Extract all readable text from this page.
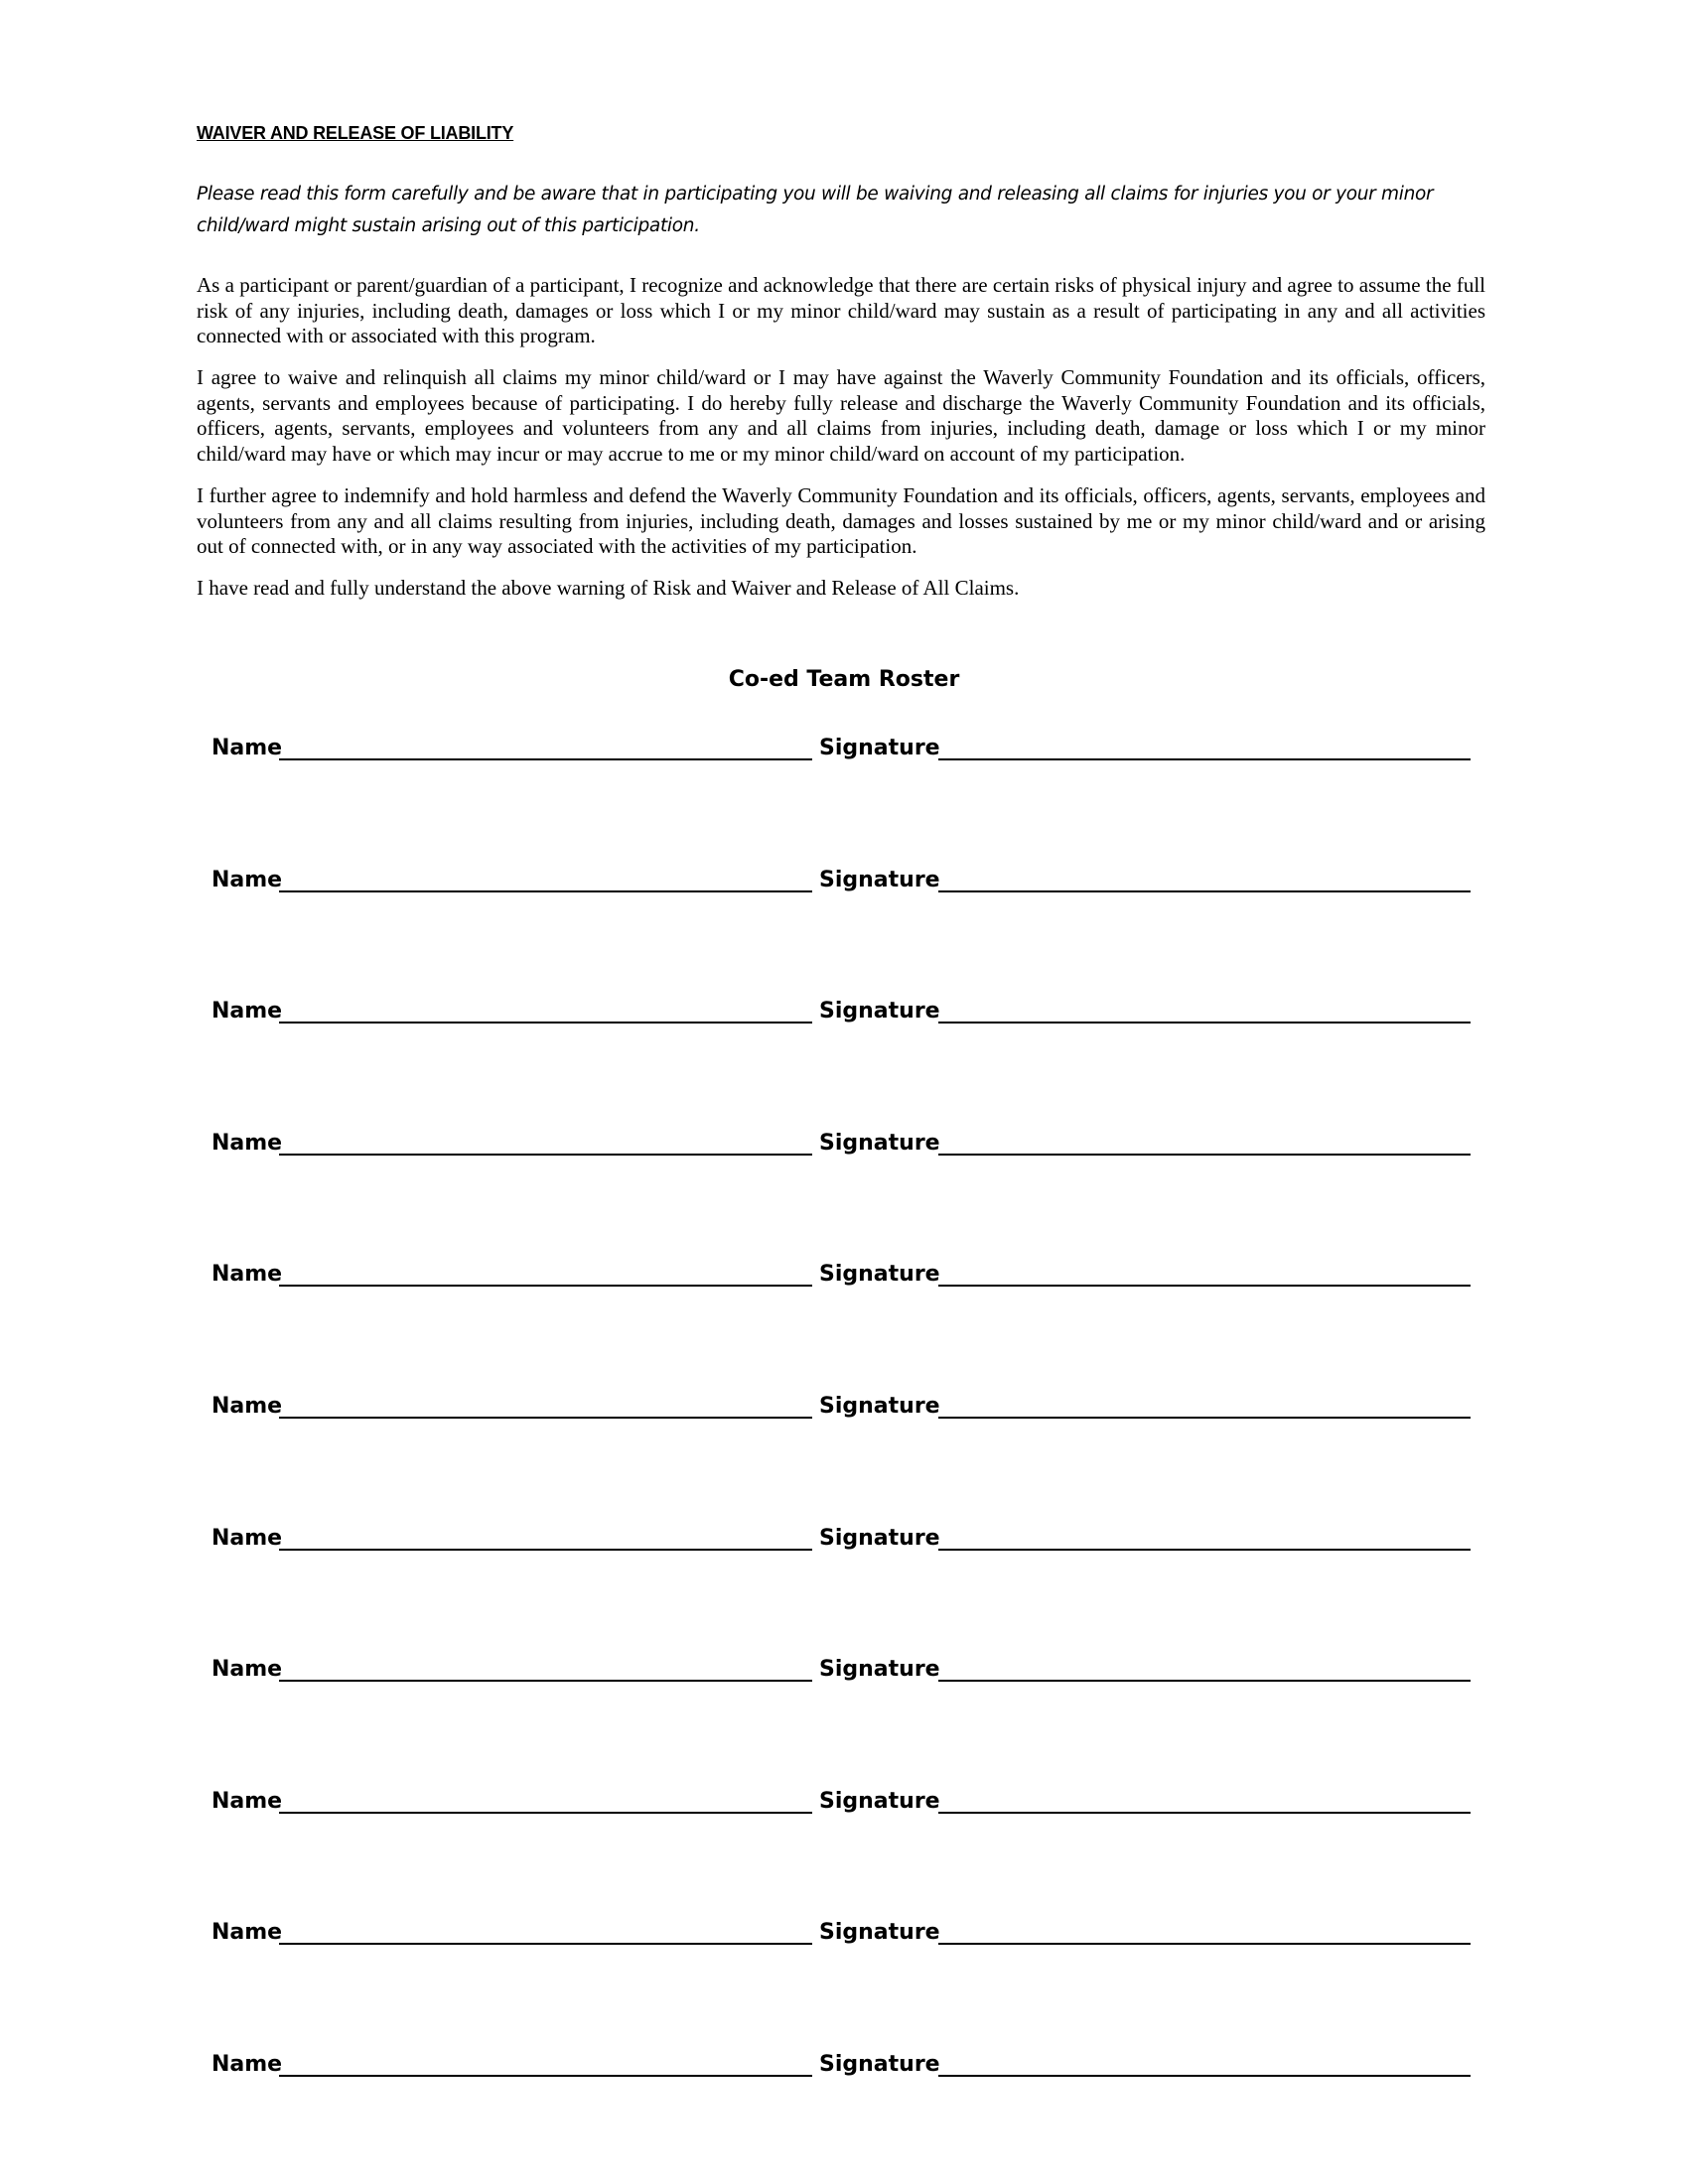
WAIVER AND RELEASE OF LIABILITY
Please read this form carefully and be aware that in participating you will be waiving and releasing all claims for injuries you or your minor child/ward might sustain arising out of this participation.
As a participant or parent/guardian of a participant, I recognize and acknowledge that there are certain risks of physical injury and agree to assume the full risk of any injuries, including death, damages or loss which I or my minor child/ward may sustain as a result of participating in any and all activities connected with or associated with this program.
I agree to waive and relinquish all claims my minor child/ward or I may have against the Waverly Community Foundation and its officials, officers, agents, servants and employees because of participating. I do hereby fully release and discharge the Waverly Community Foundation and its officials, officers, agents, servants, employees and volunteers from any and all claims from injuries, including death, damage or loss which I or my minor child/ward may have or which may incur or may accrue to me or my minor child/ward on account of my participation.
I further agree to indemnify and hold harmless and defend the Waverly Community Foundation and its officials, officers, agents, servants, employees and volunteers from any and all claims resulting from injuries, including death, damages and losses sustained by me or my minor child/ward and or arising out of connected with, or in any way associated with the activities of my participation.
I have read and fully understand the above warning of Risk and Waiver and Release of All Claims.
Co-ed Team Roster
Name	Signature
Name	Signature
Name	Signature
Name	Signature
Name	Signature
Name	Signature
Name	Signature
Name	Signature
Name	Signature
Name	Signature
Name	Signature
